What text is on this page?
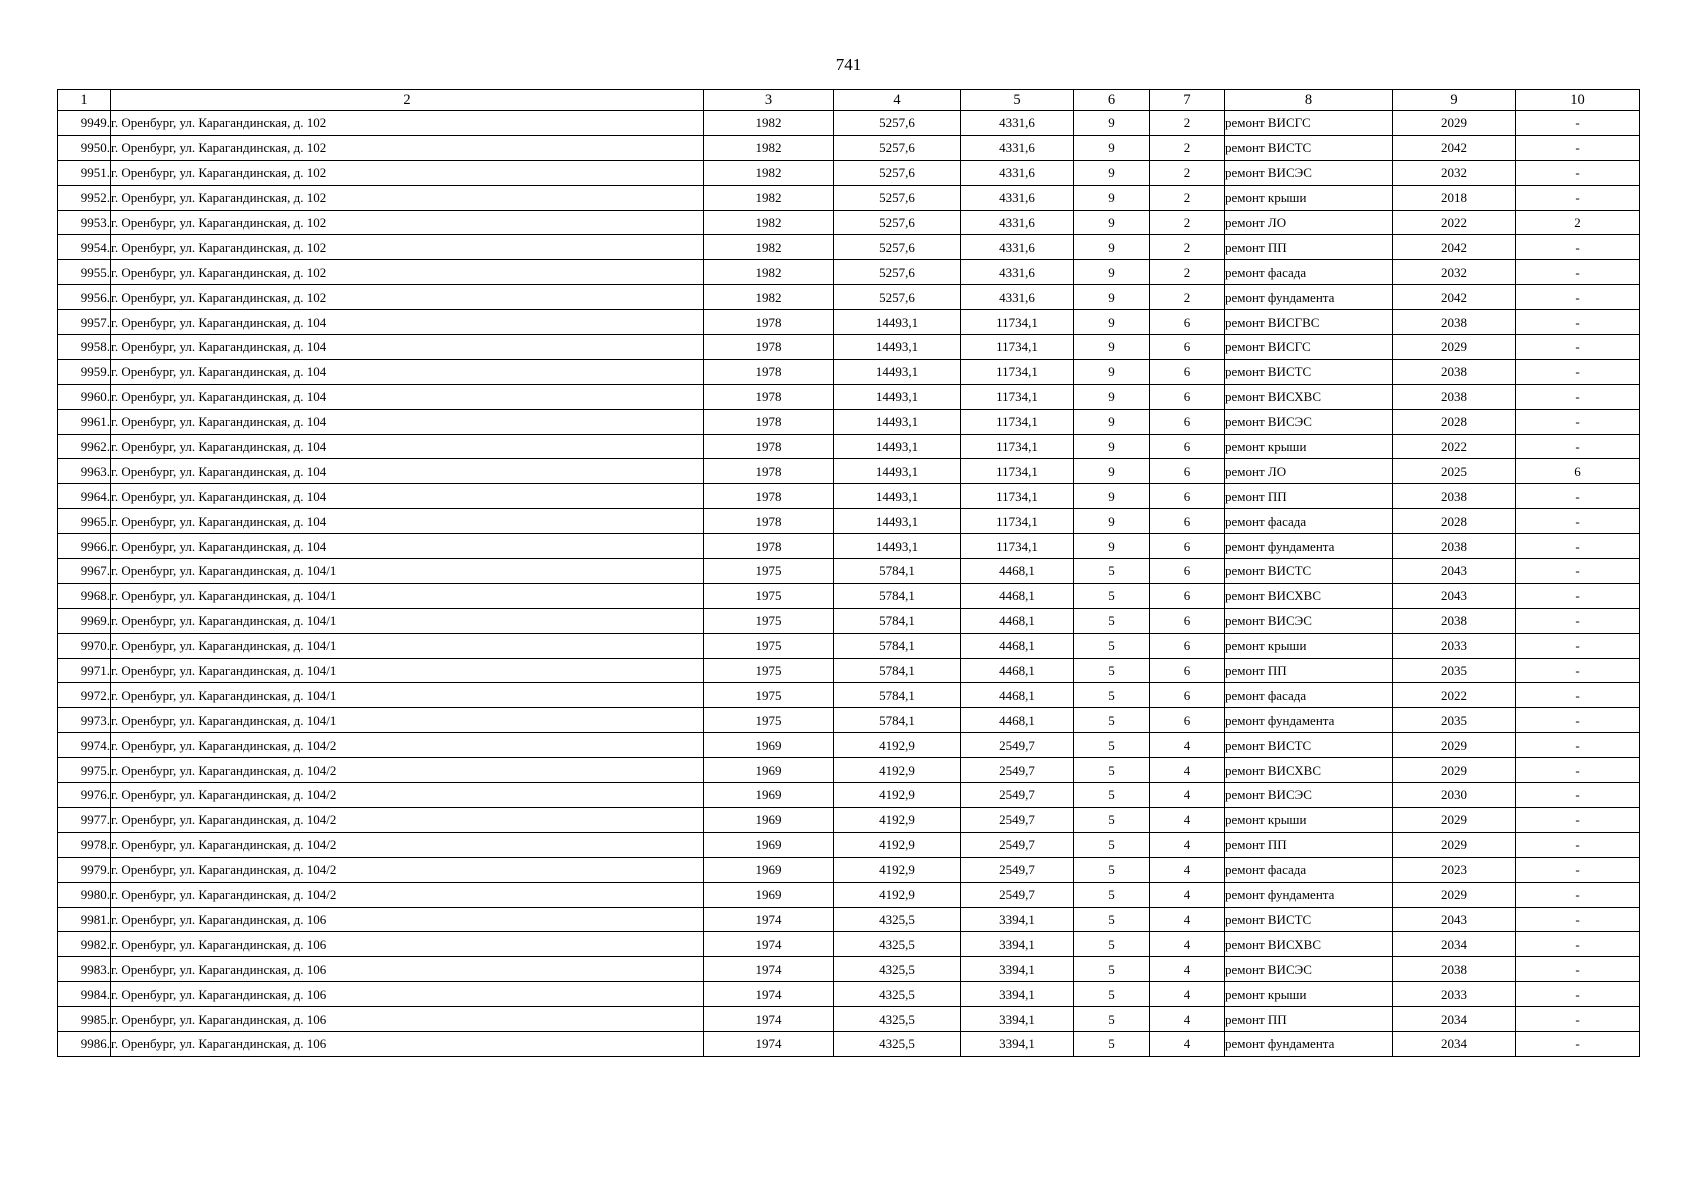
741
1	2	3	4	5	6	7	8	9	10
9949.	г. Оренбург, ул. Карагандинская, д. 102	1982	5257,6	4331,6	9	2	ремонт ВИСГС	2029	-
9950.	г. Оренбург, ул. Карагандинская, д. 102	1982	5257,6	4331,6	9	2	ремонт ВИСТС	2042	-
9951.	г. Оренбург, ул. Карагандинская, д. 102	1982	5257,6	4331,6	9	2	ремонт ВИСЭС	2032	-
9952.	г. Оренбург, ул. Карагандинская, д. 102	1982	5257,6	4331,6	9	2	ремонт крыши	2018	-
9953.	г. Оренбург, ул. Карагандинская, д. 102	1982	5257,6	4331,6	9	2	ремонт ЛО	2022	2
9954.	г. Оренбург, ул. Карагандинская, д. 102	1982	5257,6	4331,6	9	2	ремонт ПП	2042	-
9955.	г. Оренбург, ул. Карагандинская, д. 102	1982	5257,6	4331,6	9	2	ремонт фасада	2032	-
9956.	г. Оренбург, ул. Карагандинская, д. 102	1982	5257,6	4331,6	9	2	ремонт фундамента	2042	-
9957.	г. Оренбург, ул. Карагандинская, д. 104	1978	14493,1	11734,1	9	6	ремонт ВИСГВС	2038	-
9958.	г. Оренбург, ул. Карагандинская, д. 104	1978	14493,1	11734,1	9	6	ремонт ВИСГС	2029	-
9959.	г. Оренбург, ул. Карагандинская, д. 104	1978	14493,1	11734,1	9	6	ремонт ВИСТС	2038	-
9960.	г. Оренбург, ул. Карагандинская, д. 104	1978	14493,1	11734,1	9	6	ремонт ВИСХВС	2038	-
9961.	г. Оренбург, ул. Карагандинская, д. 104	1978	14493,1	11734,1	9	6	ремонт ВИСЭС	2028	-
9962.	г. Оренбург, ул. Карагандинская, д. 104	1978	14493,1	11734,1	9	6	ремонт крыши	2022	-
9963.	г. Оренбург, ул. Карагандинская, д. 104	1978	14493,1	11734,1	9	6	ремонт ЛО	2025	6
9964.	г. Оренбург, ул. Карагандинская, д. 104	1978	14493,1	11734,1	9	6	ремонт ПП	2038	-
9965.	г. Оренбург, ул. Карагандинская, д. 104	1978	14493,1	11734,1	9	6	ремонт фасада	2028	-
9966.	г. Оренбург, ул. Карагандинская, д. 104	1978	14493,1	11734,1	9	6	ремонт фундамента	2038	-
9967.	г. Оренбург, ул. Карагандинская, д. 104/1	1975	5784,1	4468,1	5	6	ремонт ВИСТС	2043	-
9968.	г. Оренбург, ул. Карагандинская, д. 104/1	1975	5784,1	4468,1	5	6	ремонт ВИСХВС	2043	-
9969.	г. Оренбург, ул. Карагандинская, д. 104/1	1975	5784,1	4468,1	5	6	ремонт ВИСЭС	2038	-
9970.	г. Оренбург, ул. Карагандинская, д. 104/1	1975	5784,1	4468,1	5	6	ремонт крыши	2033	-
9971.	г. Оренбург, ул. Карагандинская, д. 104/1	1975	5784,1	4468,1	5	6	ремонт ПП	2035	-
9972.	г. Оренбург, ул. Карагандинская, д. 104/1	1975	5784,1	4468,1	5	6	ремонт фасада	2022	-
9973.	г. Оренбург, ул. Карагандинская, д. 104/1	1975	5784,1	4468,1	5	6	ремонт фундамента	2035	-
9974.	г. Оренбург, ул. Карагандинская, д. 104/2	1969	4192,9	2549,7	5	4	ремонт ВИСТС	2029	-
9975.	г. Оренбург, ул. Карагандинская, д. 104/2	1969	4192,9	2549,7	5	4	ремонт ВИСХВС	2029	-
9976.	г. Оренбург, ул. Карагандинская, д. 104/2	1969	4192,9	2549,7	5	4	ремонт ВИСЭС	2030	-
9977.	г. Оренбург, ул. Карагандинская, д. 104/2	1969	4192,9	2549,7	5	4	ремонт крыши	2029	-
9978.	г. Оренбург, ул. Карагандинская, д. 104/2	1969	4192,9	2549,7	5	4	ремонт ПП	2029	-
9979.	г. Оренбург, ул. Карагандинская, д. 104/2	1969	4192,9	2549,7	5	4	ремонт фасада	2023	-
9980.	г. Оренбург, ул. Карагандинская, д. 104/2	1969	4192,9	2549,7	5	4	ремонт фундамента	2029	-
9981.	г. Оренбург, ул. Карагандинская, д. 106	1974	4325,5	3394,1	5	4	ремонт ВИСТС	2043	-
9982.	г. Оренбург, ул. Карагандинская, д. 106	1974	4325,5	3394,1	5	4	ремонт ВИСХВС	2034	-
9983.	г. Оренбург, ул. Карагандинская, д. 106	1974	4325,5	3394,1	5	4	ремонт ВИСЭС	2038	-
9984.	г. Оренбург, ул. Карагандинская, д. 106	1974	4325,5	3394,1	5	4	ремонт крыши	2033	-
9985.	г. Оренбург, ул. Карагандинская, д. 106	1974	4325,5	3394,1	5	4	ремонт ПП	2034	-
9986.	г. Оренбург, ул. Карагандинская, д. 106	1974	4325,5	3394,1	5	4	ремонт фундамента	2034	-
